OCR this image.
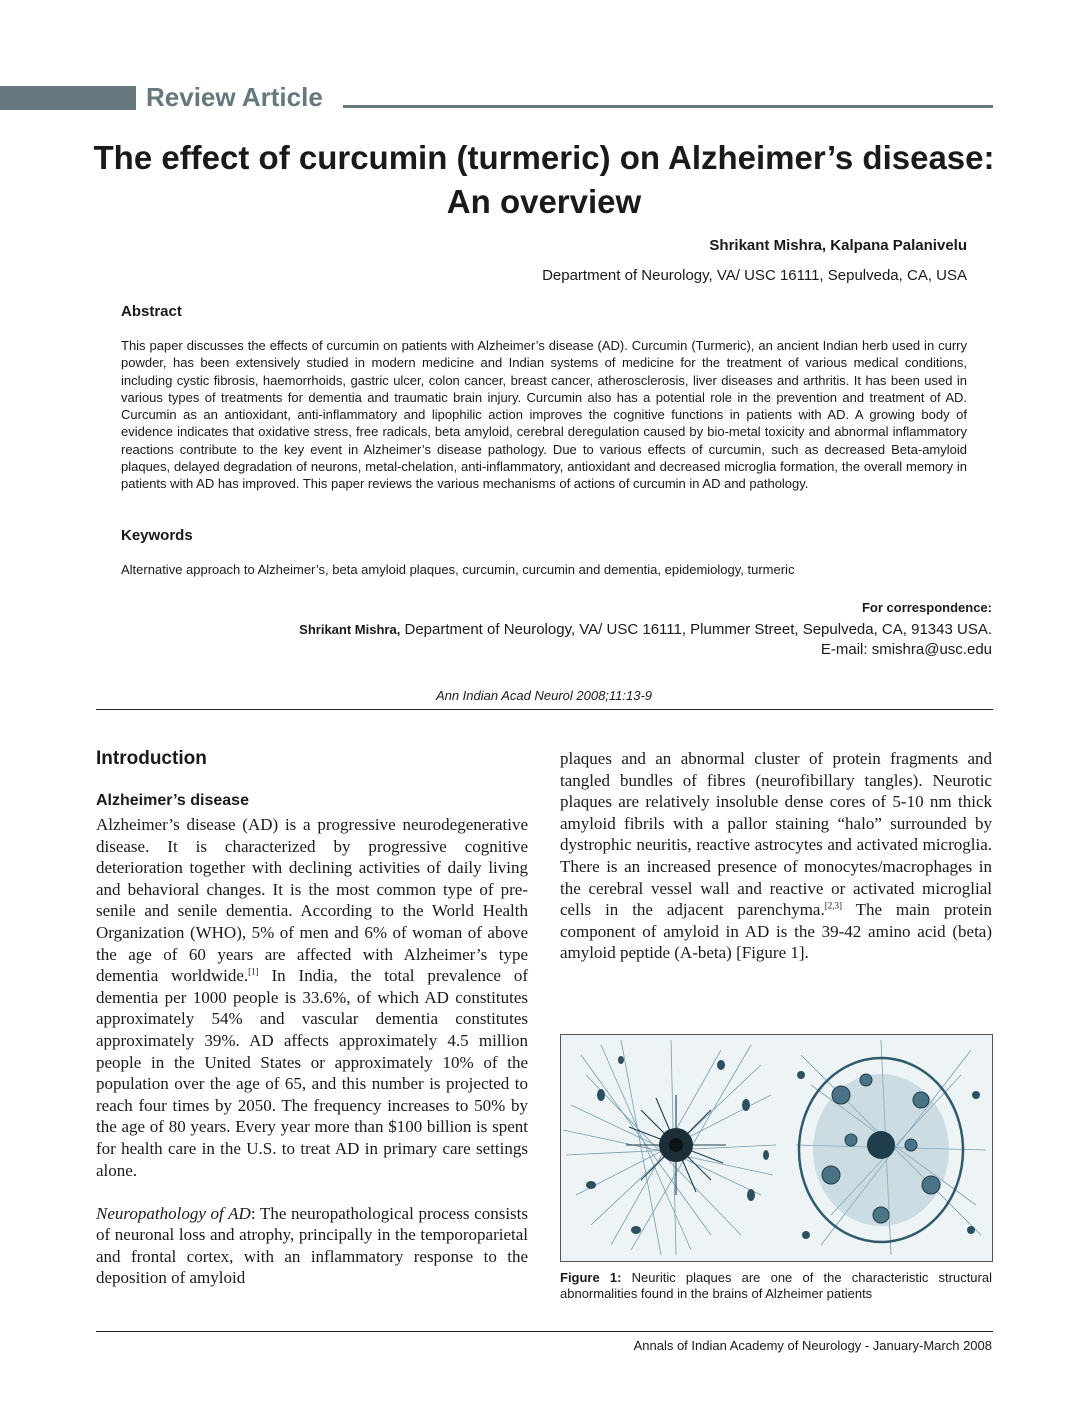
Review Article
The effect of curcumin (turmeric) on Alzheimer’s disease:
An overview
Shrikant Mishra, Kalpana Palanivelu
Department of Neurology, VA/ USC 16111, Sepulveda, CA, USA
Abstract
This paper discusses the effects of curcumin on patients with Alzheimer’s disease (AD). Curcumin (Turmeric), an ancient Indian herb used in curry powder, has been extensively studied in modern medicine and Indian systems of medicine for the treatment of various medical conditions, including cystic fibrosis, haemorrhoids, gastric ulcer, colon cancer, breast cancer, atherosclerosis, liver diseases and arthritis. It has been used in various types of treatments for dementia and traumatic brain injury. Curcumin also has a potential role in the prevention and treatment of AD. Curcumin as an antioxidant, anti-inflammatory and lipophilic action improves the cognitive functions in patients with AD. A growing body of evidence indicates that oxidative stress, free radicals, beta amyloid, cerebral deregulation caused by bio-metal toxicity and abnormal inflammatory reactions contribute to the key event in Alzheimer’s disease pathology. Due to various effects of curcumin, such as decreased Beta-amyloid plaques, delayed degradation of neurons, metal-chelation, anti-inflammatory, antioxidant and decreased microglia formation, the overall memory in patients with AD has improved. This paper reviews the various mechanisms of actions of curcumin in AD and pathology.
Keywords
Alternative approach to Alzheimer’s, beta amyloid plaques, curcumin, curcumin and dementia, epidemiology, turmeric
For correspondence:
Shrikant Mishra, Department of Neurology, VA/ USC 16111, Plummer Street, Sepulveda, CA, 91343 USA.
E-mail: smishra@usc.edu
Ann Indian Acad Neurol 2008;11:13-9
Introduction
Alzheimer’s disease

Alzheimer’s disease (AD) is a progressive neurodegenerative disease. It is characterized by progressive cognitive deterioration together with declining activities of daily living and behavioral changes. It is the most common type of pre-senile and senile dementia. According to the World Health Organization (WHO), 5% of men and 6% of woman of above the age of 60 years are affected with Alzheimer’s type dementia worldwide.[1] In India, the total prevalence of dementia per 1000 people is 33.6%, of which AD constitutes approximately 54% and vascular dementia constitutes approximately 39%. AD affects approximately 4.5 million people in the United States or approximately 10% of the population over the age of 65, and this number is projected to reach four times by 2050. The frequency increases to 50% by the age of 80 years. Every year more than $100 billion is spent for health care in the U.S. to treat AD in primary care settings alone.

Neuropathology of AD: The neuropathological process consists of neuronal loss and atrophy, principally in the temporoparietal and frontal cortex, with an inflammatory response to the deposition of amyloid

plaques and an abnormal cluster of protein fragments and tangled bundles of fibres (neurofibillary tangles). Neurotic plaques are relatively insoluble dense cores of 5-10 nm thick amyloid fibrils with a pallor staining “halo” surrounded by dystrophic neuritis, reactive astrocytes and activated microglia. There is an increased presence of monocytes/macrophages in the cerebral vessel wall and reactive or activated microglial cells in the adjacent parenchyma.[2,3] The main protein component of amyloid in AD is the 39-42 amino acid (beta) amyloid peptide (A-beta) [Figure 1].

Figure 1: Neuritic plaques are one of the characteristic structural abnormalities found in the brains of Alzheimer patients
Annals of Indian Academy of Neurology - January-March 2008
